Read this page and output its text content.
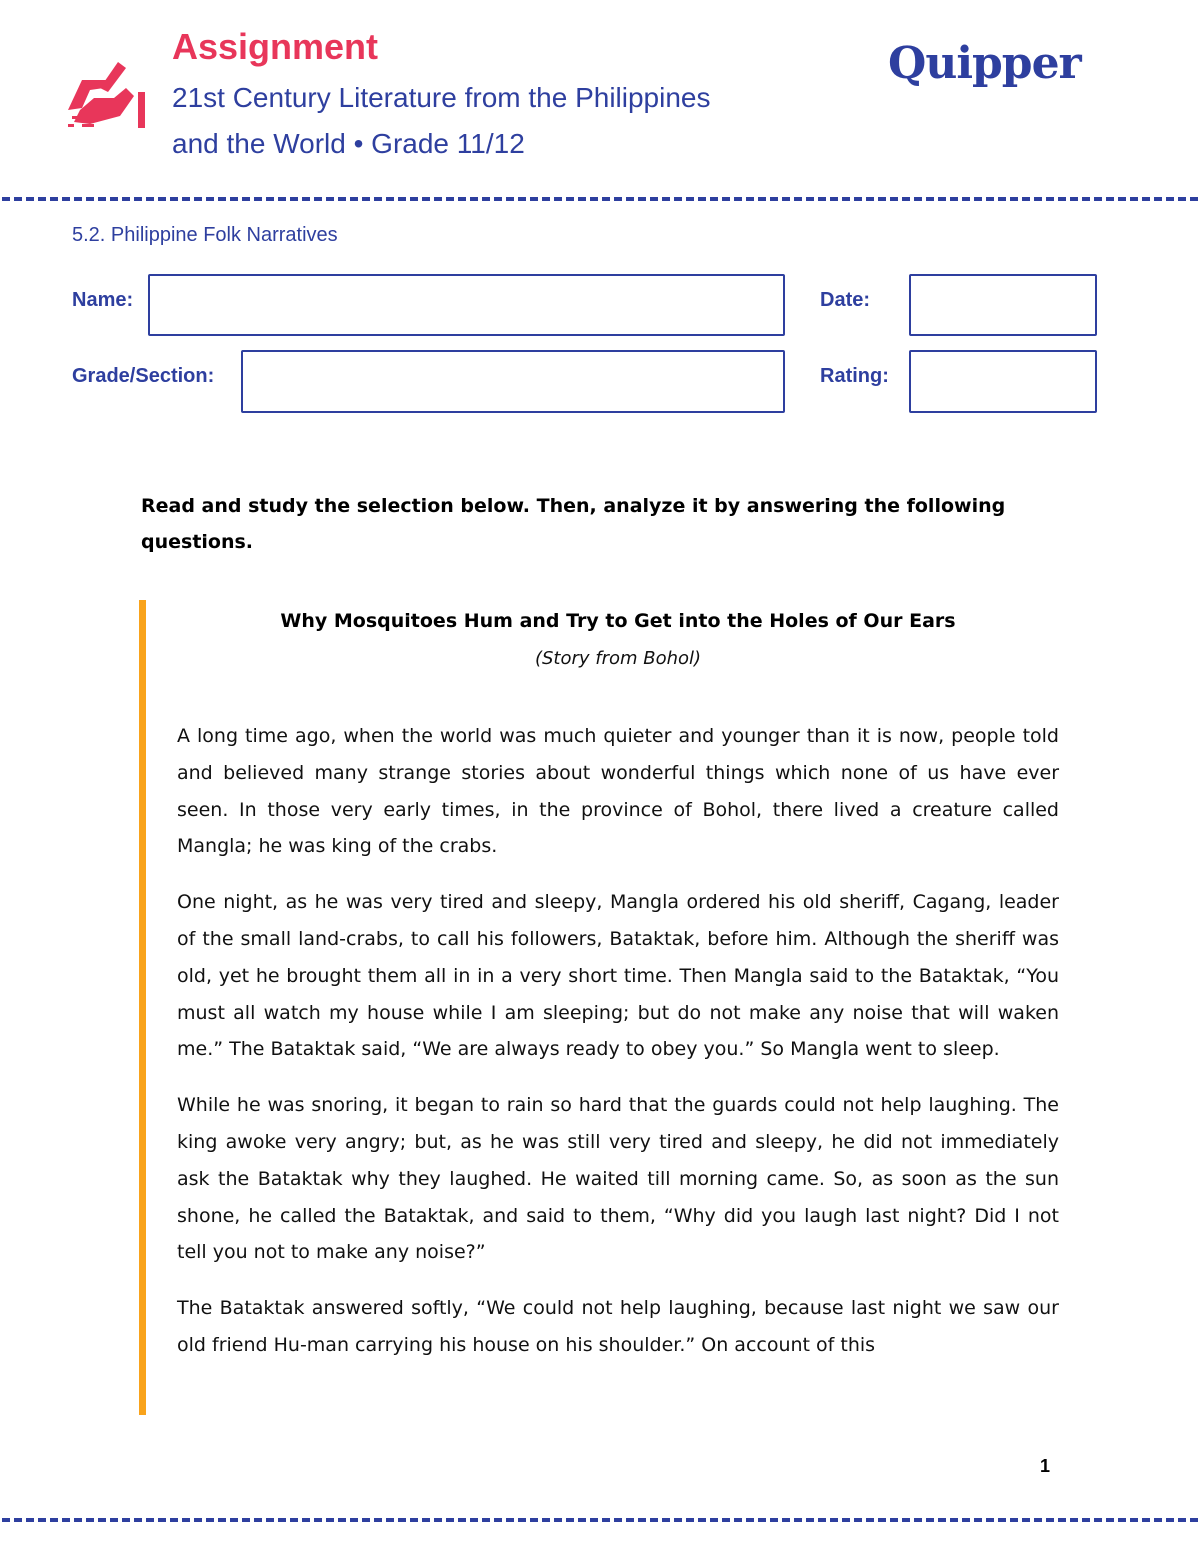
Assignment
21st Century Literature from the Philippines
and the World • Grade 11/12
Quipper
5.2. Philippine Folk Narratives
Name:	Date:
Grade/Section:	Rating:
Read and study the selection below. Then, analyze it by answering the following questions.
Why Mosquitoes Hum and Try to Get into the Holes of Our Ears
(Story from Bohol)

A long time ago, when the world was much quieter and younger than it is now, people told and believed many strange stories about wonderful things which none of us have ever seen. In those very early times, in the province of Bohol, there lived a creature called Mangla; he was king of the crabs.

One night, as he was very tired and sleepy, Mangla ordered his old sheriff, Cagang, leader of the small land-crabs, to call his followers, Bataktak, before him. Although the sheriff was old, yet he brought them all in in a very short time. Then Mangla said to the Bataktak, “You must all watch my house while I am sleeping; but do not make any noise that will waken me.” The Bataktak said, “We are always ready to obey you.” So Mangla went to sleep.

While he was snoring, it began to rain so hard that the guards could not help laughing. The king awoke very angry; but, as he was still very tired and sleepy, he did not immediately ask the Bataktak why they laughed. He waited till morning came. So, as soon as the sun shone, he called the Bataktak, and said to them, “Why did you laugh last night? Did I not tell you not to make any noise?”

The Bataktak answered softly, “We could not help laughing, because last night we saw our old friend Hu-man carrying his house on his shoulder.” On account of this

1
